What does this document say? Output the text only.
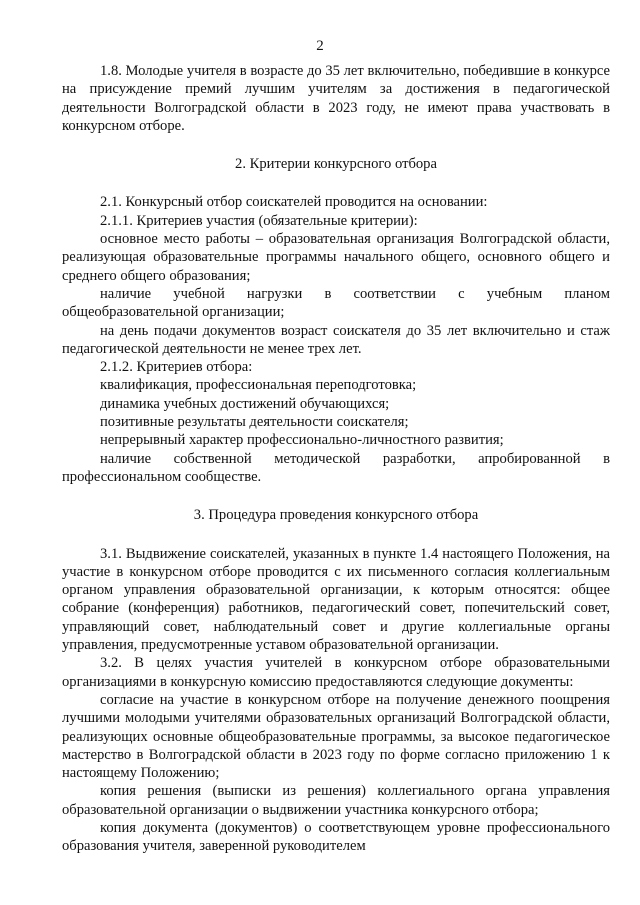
2

1.8. Молодые учителя в возрасте до 35 лет включительно, победившие в конкурсе на присуждение премий лучшим учителям за достижения в педагогической деятельности Волгоградской области в 2023 году, не имеют права участвовать в конкурсном отборе.

2. Критерии конкурсного отбора

2.1. Конкурсный отбор соискателей проводится на основании:

2.1.1. Критериев участия (обязательные критерии):

основное место работы – образовательная организация Волгоградской области, реализующая образовательные программы начального общего, основного общего и среднего общего образования;

наличие учебной нагрузки в соответствии с учебным планом общеобразовательной организации;

на день подачи документов возраст соискателя до 35 лет включительно и стаж педагогической деятельности не менее трех лет.

2.1.2. Критериев отбора:

квалификация, профессиональная переподготовка;

динамика учебных достижений обучающихся;

позитивные результаты деятельности соискателя;

непрерывный характер профессионально-личностного развития;

наличие собственной методической разработки, апробированной в профессиональном сообществе.

3. Процедура проведения конкурсного отбора

3.1. Выдвижение соискателей, указанных в пункте 1.4 настоящего Положения, на участие в конкурсном отборе проводится с их письменного согласия коллегиальным органом управления образовательной организации, к которым относятся: общее собрание (конференция) работников, педагогический совет, попечительский совет, управляющий совет, наблюдательный совет и другие коллегиальные органы управления, предусмотренные уставом образовательной организации.

3.2. В целях участия учителей в конкурсном отборе образовательными организациями в конкурсную комиссию предоставляются следующие документы:

согласие на участие в конкурсном отборе на получение денежного поощрения лучшими молодыми учителями образовательных организаций Волгоградской области, реализующих основные общеобразовательные программы, за высокое педагогическое мастерство в Волгоградской области в 2023 году по форме согласно приложению 1 к настоящему Положению;

копия решения (выписки из решения) коллегиального органа управления образовательной организации о выдвижении участника конкурсного отбора;

копия документа (документов) о соответствующем уровне профессионального образования учителя, заверенной руководителем
